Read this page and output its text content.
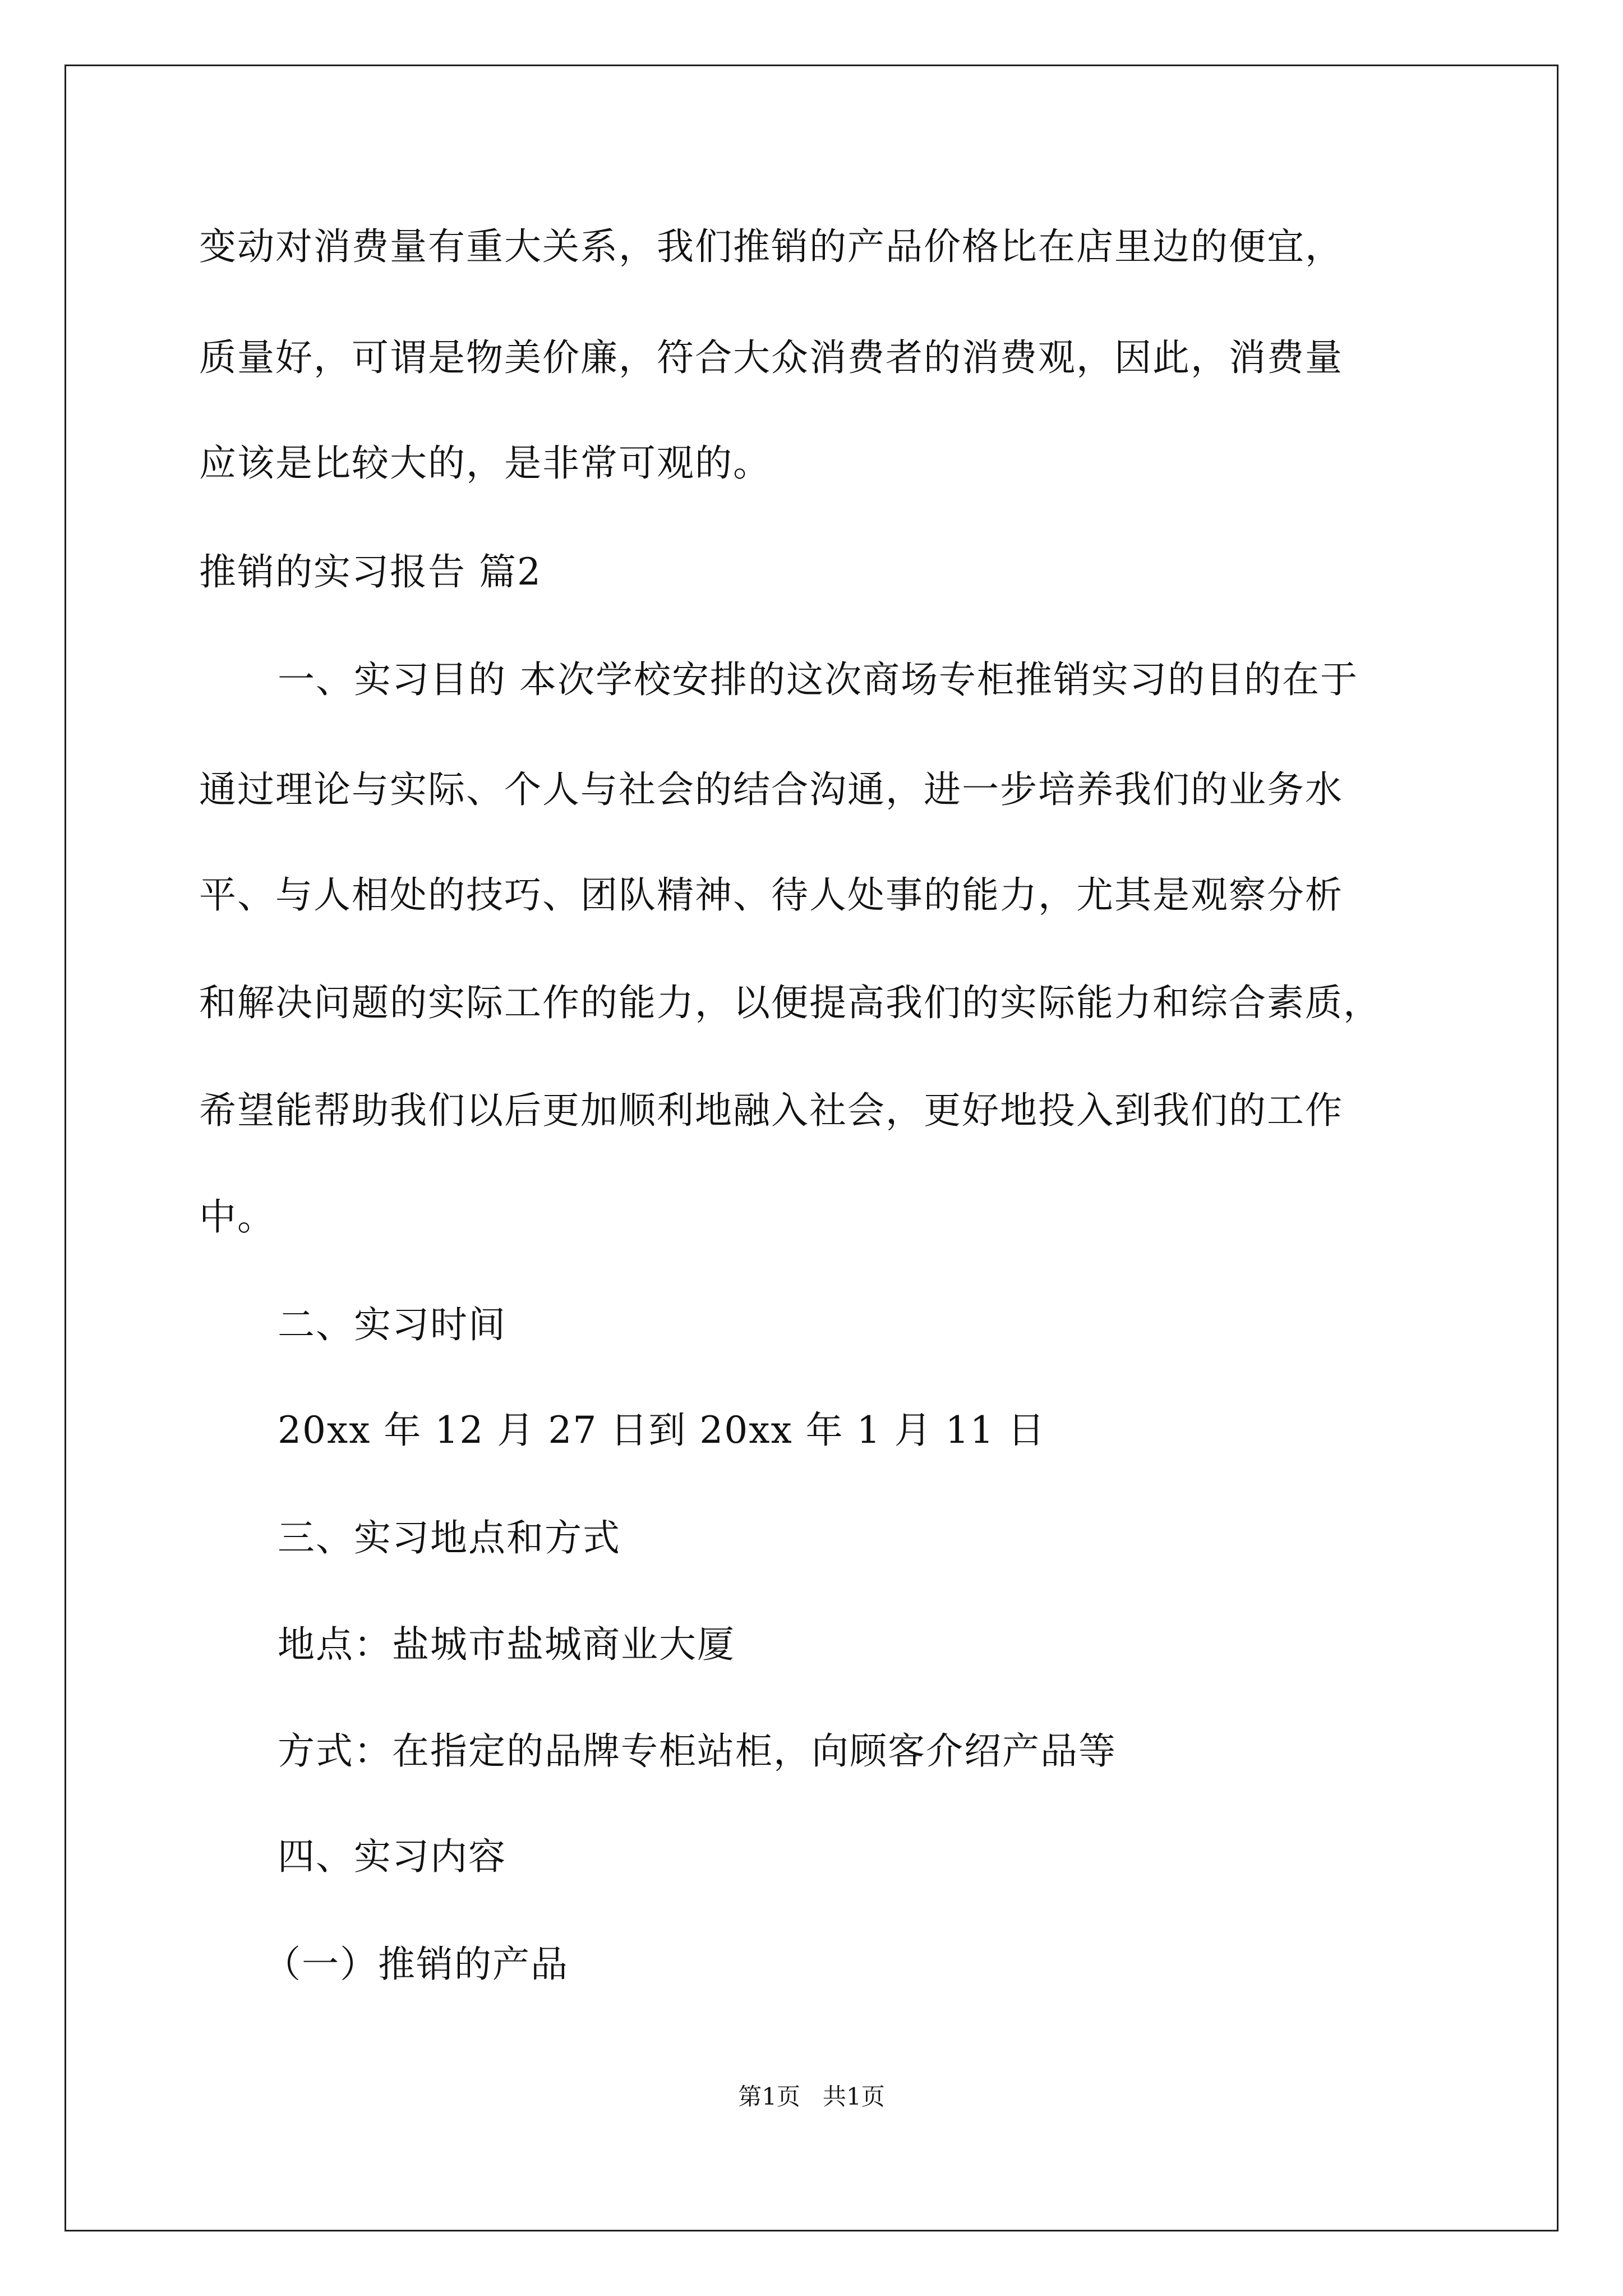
变动对消费量有重大关系，我们推销的产品价格比在店里边的便宜，
质量好，可谓是物美价廉，符合大众消费者的消费观，因此，消费量
应该是比较大的，是非常可观的。
推销的实习报告 篇2
一、实习目的 本次学校安排的这次商场专柜推销实习的目的在于
通过理论与实际、个人与社会的结合沟通，进一步培养我们的业务水
平、与人相处的技巧、团队精神、待人处事的能力，尤其是观察分析
和解决问题的实际工作的能力，以便提高我们的实际能力和综合素质，
希望能帮助我们以后更加顺利地融入社会，更好地投入到我们的工作
中。
二、实习时间
20xx 年 12 月 27 日到 20xx 年 1 月 11 日
三、实习地点和方式
地点：盐城市盐城商业大厦
方式：在指定的品牌专柜站柜，向顾客介绍产品等
四、实习内容
（一）推销的产品
第1页   共1页
